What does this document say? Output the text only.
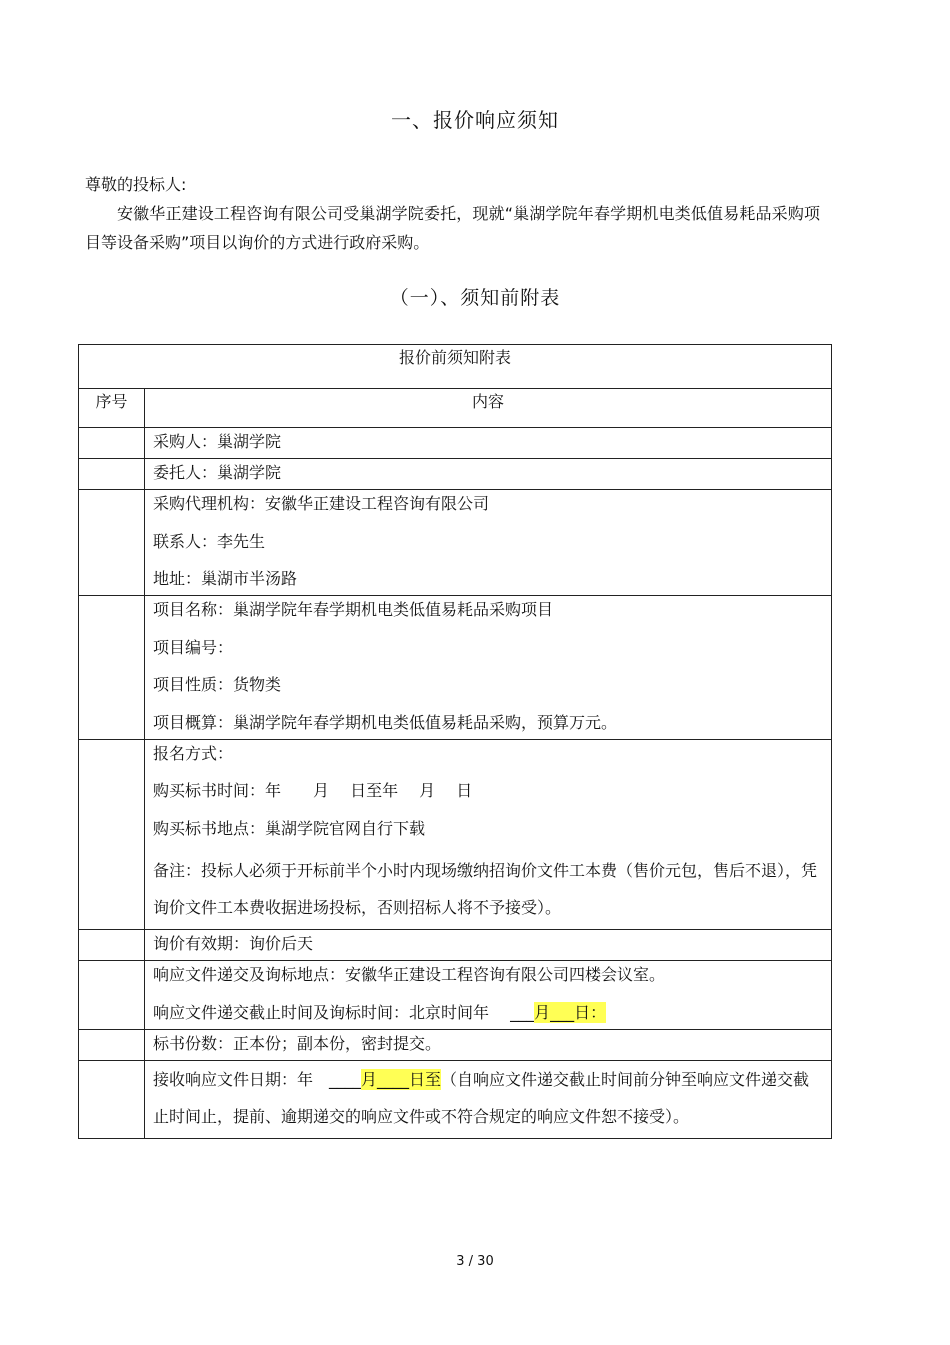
一、报价响应须知
尊敬的投标人:
安徽华正建设工程咨询有限公司受巢湖学院委托，现就“巢湖学院年春学期机电类低值易耗品采购项目等设备采购”项目以询价的方式进行政府采购。
（一）、须知前附表
报价前须知附表	
序号	内容

	采购人：巢湖学院

	委托人：巢湖学院

	采购代理机构：安徽华正建设工程咨询有限公司
联系人：李先生
地址：巢湖市半汤路

	项目名称：巢湖学院年春学期机电类低值易耗品采购项目
项目编号：
项目性质：货物类
项目概算：巢湖学院年春学期机电类低值易耗品采购，预算万元。

	报名方式：
购买标书时间：年　　月　 日至年　 月　 日
购买标书地点：巢湖学院官网自行下载
备注：投标人必须于开标前半个小时内现场缴纳招询价文件工本费（售价元包，售后不退），凭询价文件工本费收据进场投标，否则招标人将不予接受）。

	询价有效期：询价后天

	响应文件递交及询标地点：安徽华正建设工程咨询有限公司四楼会议室。
响应文件递交截止时间及询标时间：北京时间年　 ___月___日：

	标书份数：正本份；副本份，密封提交。

	接收响应文件日期：年　____月____日至（自响应文件递交截止时间前分钟至响应文件递交截止时间止，提前、逾期递交的响应文件或不符合规定的响应文件恕不接受）。
3 / 30
